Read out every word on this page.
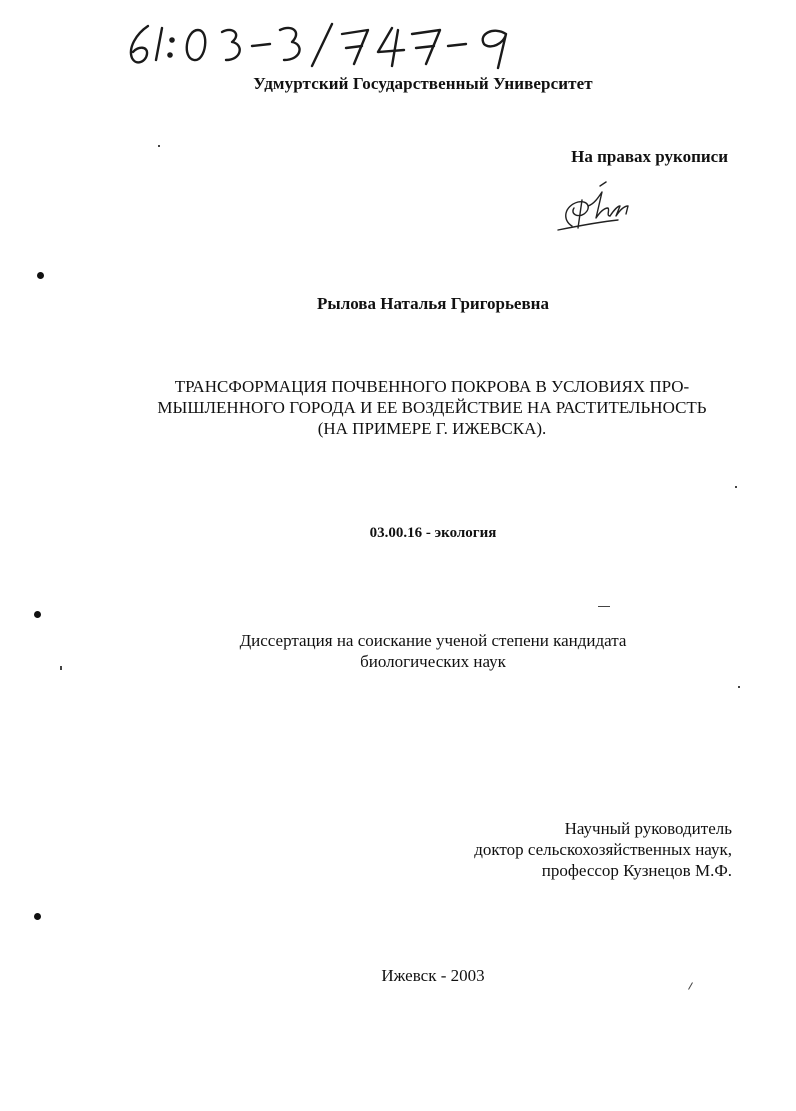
Удмуртский Государственный Университет
На правах рукописи
Рылова Наталья Григорьевна
ТРАНСФОРМАЦИЯ ПОЧВЕННОГО ПОКРОВА В УСЛОВИЯХ ПРО-
МЫШЛЕННОГО ГОРОДА И ЕЕ ВОЗДЕЙСТВИЕ НА РАСТИТЕЛЬНОСТЬ
(НА ПРИМЕРЕ Г. ИЖЕВСКА).
03.00.16 - экология
Диссертация на соискание ученой степени кандидата
биологических наук
Научный руководитель
доктор сельскохозяйственных наук,
профессор Кузнецов М.Ф.
Ижевск - 2003
